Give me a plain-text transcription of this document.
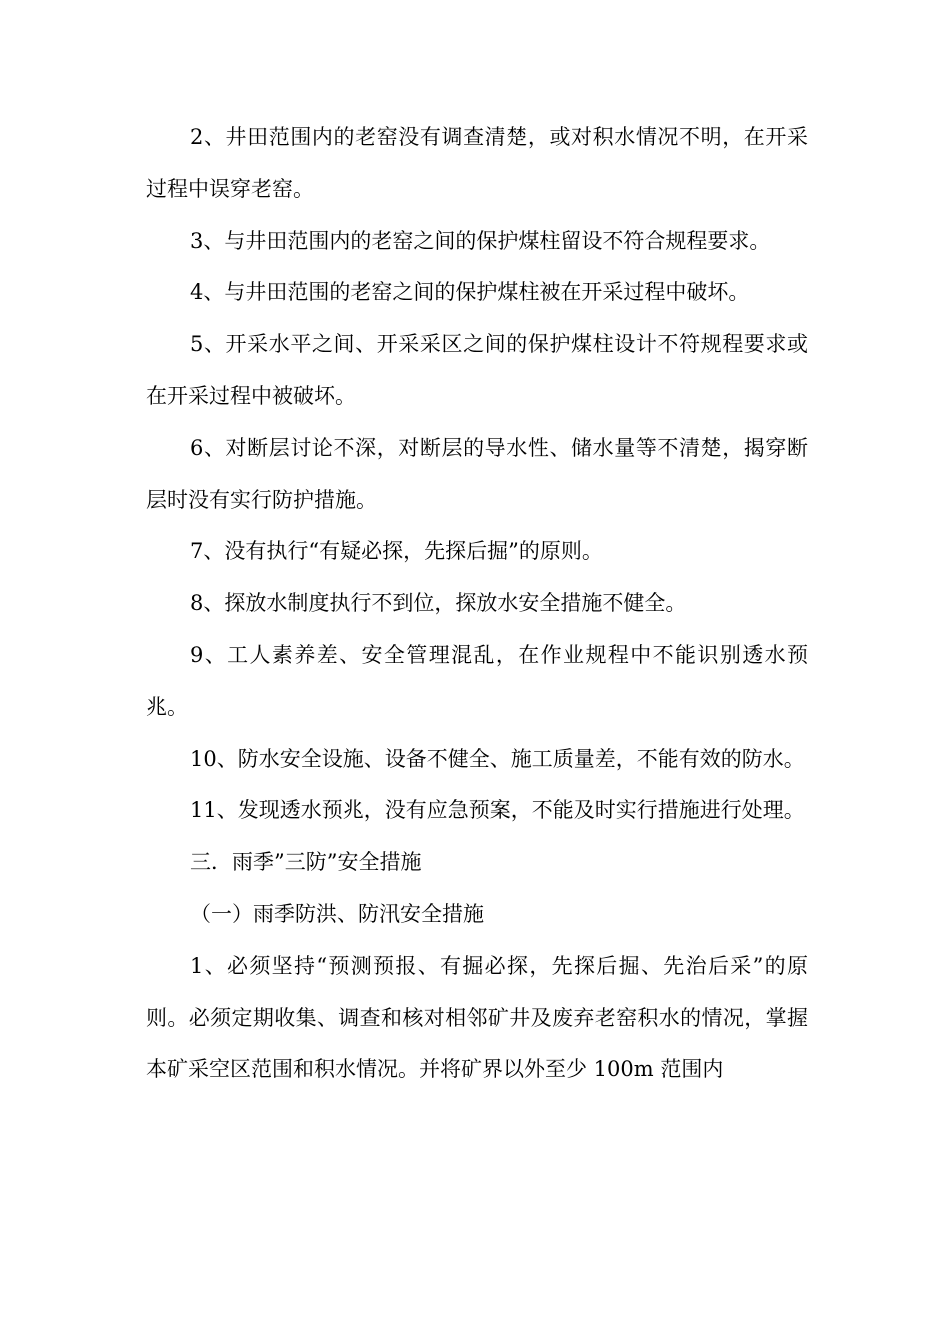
2、井田范围内的老窑没有调查清楚，或对积水情况不明，在开采过程中误穿老窑。

3、与井田范围内的老窑之间的保护煤柱留设不符合规程要求。

4、与井田范围的老窑之间的保护煤柱被在开采过程中破坏。

5、开采水平之间、开采采区之间的保护煤柱设计不符规程要求或在开采过程中被破坏。

6、对断层讨论不深，对断层的导水性、储水量等不清楚，揭穿断层时没有实行防护措施。

7、没有执行“有疑必探，先探后掘”的原则。

8、探放水制度执行不到位，探放水安全措施不健全。

9、工人素养差、安全管理混乱，在作业规程中不能识别透水预兆。

10、防水安全设施、设备不健全、施工质量差，不能有效的防水。

11、发现透水预兆，没有应急预案，不能及时实行措施进行处理。

三．雨季”三防”安全措施

（一）雨季防洪、防汛安全措施

1、必须坚持“预测预报、有掘必探，先探后掘、先治后采”的原则。必须定期收集、调查和核对相邻矿井及废弃老窑积水的情况，掌握本矿采空区范围和积水情况。并将矿界以外至少 100m 范围内
